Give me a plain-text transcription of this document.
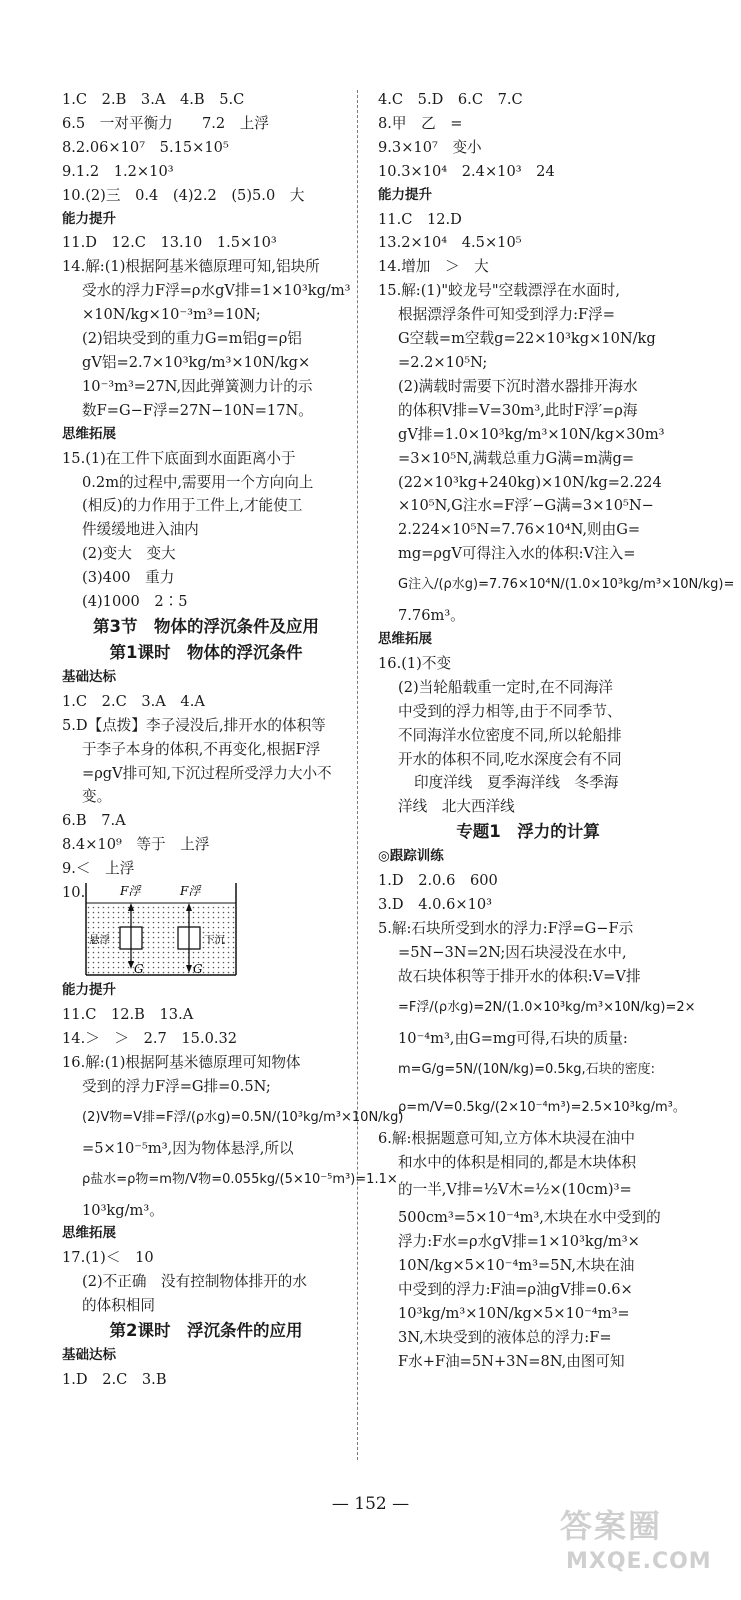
1.C　2.B　3.A　4.B　5.C
6.5　一对平衡力　　7.2　上浮
8.2.06×10⁷　5.15×10⁵
9.1.2　1.2×10³
10.(2)三　0.4　(4)2.2　(5)5.0　大
能力提升
11.D　12.C　13.10　1.5×10³
14.解:(1)根据阿基米德原理可知,铝块所
受水的浮力F浮=ρ水gV排=1×10³kg/m³
×10N/kg×10⁻³m³=10N;
(2)铝块受到的重力G=m铝g=ρ铝
gV铝=2.7×10³kg/m³×10N/kg×
10⁻³m³=27N,因此弹簧测力计的示
数F=G−F浮=27N−10N=17N。
思维拓展
15.(1)在工件下底面到水面距离小于
0.2m的过程中,需要用一个方向向上
(相反)的力作用于工件上,才能使工
件缓缓地进入油内
(2)变大　变大
(3)400　重力
(4)1000　2∶5
第3节　物体的浮沉条件及应用
第1课时　物体的浮沉条件
基础达标
1.C　2.C　3.A　4.A
5.D【点拨】李子浸没后,排开水的体积等
于李子本身的体积,不再变化,根据F浮
=ρgV排可知,下沉过程所受浮力大小不
变。
6.B　7.A
8.4×10⁹　等于　上浮
9.＜　上浮
10.	F浮	F浮
悬浮	下沉
G	G
能力提升
11.C　12.B　13.A
14.＞　＞　2.7　15.0.32
16.解:(1)根据阿基米德原理可知物体
受到的浮力F浮=G排=0.5N;
(2)V物=V排=F浮/(ρ水g)=0.5N/(10³kg/m³×10N/kg)
=5×10⁻⁵m³,因为物体悬浮,所以
ρ盐水=ρ物=m物/V物=0.055kg/(5×10⁻⁵m³)=1.1×
10³kg/m³。
思维拓展
17.(1)＜　10
(2)不正确　没有控制物体排开的水
的体积相同
第2课时　浮沉条件的应用
基础达标
1.D　2.C　3.B
4.C　5.D　6.C　7.C
8.甲　乙　=
9.3×10⁷　变小
10.3×10⁴　2.4×10³　24
能力提升
11.C　12.D
13.2×10⁴　4.5×10⁵
14.增加　＞　大
15.解:(1)"蛟龙号"空载漂浮在水面时,
根据漂浮条件可知受到浮力:F浮=
G空载=m空载g=22×10³kg×10N/kg
=2.2×10⁵N;
(2)满载时需要下沉时潜水器排开海水
的体积V排=V=30m³,此时F浮′=ρ海
gV排=1.0×10³kg/m³×10N/kg×30m³
=3×10⁵N,满载总重力G满=m满g=
(22×10³kg+240kg)×10N/kg=2.224
×10⁵N,G注水=F浮′−G满=3×10⁵N−
2.224×10⁵N=7.76×10⁴N,则由G=
mg=ρgV可得注入水的体积:V注入=
G注入/(ρ水g)=7.76×10⁴N/(1.0×10³kg/m³×10N/kg)=
7.76m³。
思维拓展
16.(1)不变
(2)当轮船载重一定时,在不同海洋
中受到的浮力相等,由于不同季节、
不同海洋水位密度不同,所以轮船排
开水的体积不同,吃水深度会有不同
印度洋线　夏季海洋线　冬季海
洋线　北大西洋线
专题1　浮力的计算
◎跟踪训练
1.D　2.0.6　600
3.D　4.0.6×10³
5.解:石块所受到水的浮力:F浮=G−F示
=5N−3N=2N;因石块浸没在水中,
故石块体积等于排开水的体积:V=V排
=F浮/(ρ水g)=2N/(1.0×10³kg/m³×10N/kg)=2×
10⁻⁴m³,由G=mg可得,石块的质量:
m=G/g=5N/(10N/kg)=0.5kg,石块的密度:
ρ=m/V=0.5kg/(2×10⁻⁴m³)=2.5×10³kg/m³。
6.解:根据题意可知,立方体木块浸在油中
和水中的体积是相同的,都是木块体积
的一半,V排=½V木=½×(10cm)³=
500cm³=5×10⁻⁴m³,木块在水中受到的
浮力:F水=ρ水gV排=1×10³kg/m³×
10N/kg×5×10⁻⁴m³=5N,木块在油
中受到的浮力:F油=ρ油gV排=0.6×
10³kg/m³×10N/kg×5×10⁻⁴m³=
3N,木块受到的液体总的浮力:F=
F水+F油=5N+3N=8N,由图可知
— 152 —
答案圈
MXQE.COM
